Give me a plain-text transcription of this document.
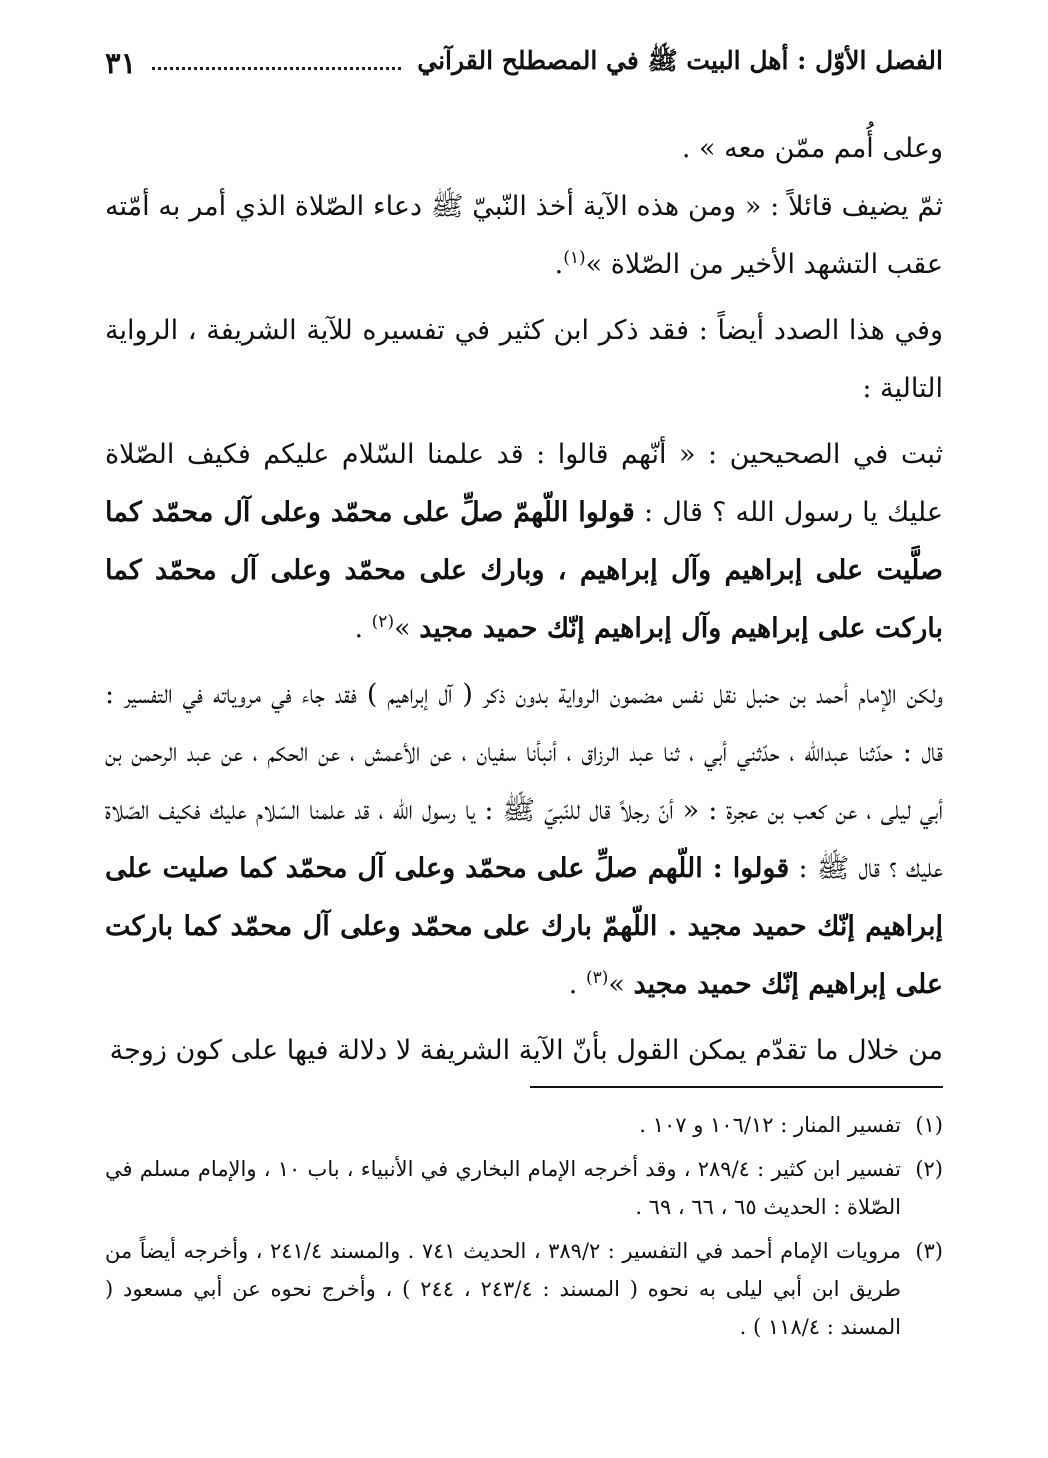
الفصل الأوّل : أهل البيت ﷺ في المصطلح القرآني
٣١

وعلى أُمم ممّن معه » .

ثمّ يضيف قائلاً : « ومن هذه الآية أخذ النّبيّ ﷺ دعاء الصّلاة الذي أمر به أمّته عقب التشهد الأخير من الصّلاة »$^{(١)}$.

وفي هذا الصدد أيضاً : فقد ذكر ابن كثير في تفسيره للآية الشريفة ، الرواية التالية :

ثبت في الصحيحين : « أنّهم قالوا : قد علمنا السّلام عليكم فكيف الصّلاة عليك يا رسول الله ؟ قال : قولوا اللّهمّ صلِّ على محمّد وعلى آل محمّد كما صلَّيت على إبراهيم وآل إبراهيم ، وبارك على محمّد وعلى آل محمّد كما باركت على إبراهيم وآل إبراهيم إنّك حميد مجيد »$^{(٢)}$ .

ولكن الإمام أحمد بن حنبل نقل نفس مضمون الرواية بدون ذكر ( آل إبراهيم ) فقد جاء في مروياته في التفسير : قال : حدّثنا عبدالله ، حدّثني أبي ، ثنا عبد الرزاق ، أنبأنا سفيان ، عن الأعمش ، عن الحكم ، عن عبد الرحمن بن أبي ليلى ، عن كعب بن عجرة : « أنّ رجلاً قال للنّبيّ ﷺ : يا رسول الله ، قد علمنا السّلام عليك فكيف الصّلاة عليك ؟ قال ﷺ : قولوا : اللّهم صلِّ على محمّد وعلى آل محمّد كما صليت على إبراهيم إنّك حميد مجيد . اللّهمّ بارك على محمّد وعلى آل محمّد كما باركت على إبراهيم إنّك حميد مجيد »$^{(٣)}$ .

من خلال ما تقدّم يمكن القول بأنّ الآية الشريفة لا دلالة فيها على كون زوجة

(١)
تفسير المنار : ١٠٦/١٢ و ١٠٧ .
(٢)
تفسير ابن كثير : ٢٨٩/٤ ، وقد أخرجه الإمام البخاري في الأنبياء ، باب ١٠ ، والإمام مسلم في الصّلاة : الحديث ٦٥ ، ٦٦ ، ٦٩ .
(٣)
مرويات الإمام أحمد في التفسير : ٣٨٩/٢ ، الحديث ٧٤١ . والمسند ٢٤١/٤ ، وأخرجه أيضاً من طريق ابن أبي ليلى به نحوه ( المسند : ٢٤٣/٤ ، ٢٤٤ ) ، وأخرج نحوه عن أبي مسعود ( المسند : ١١٨/٤ ) .
